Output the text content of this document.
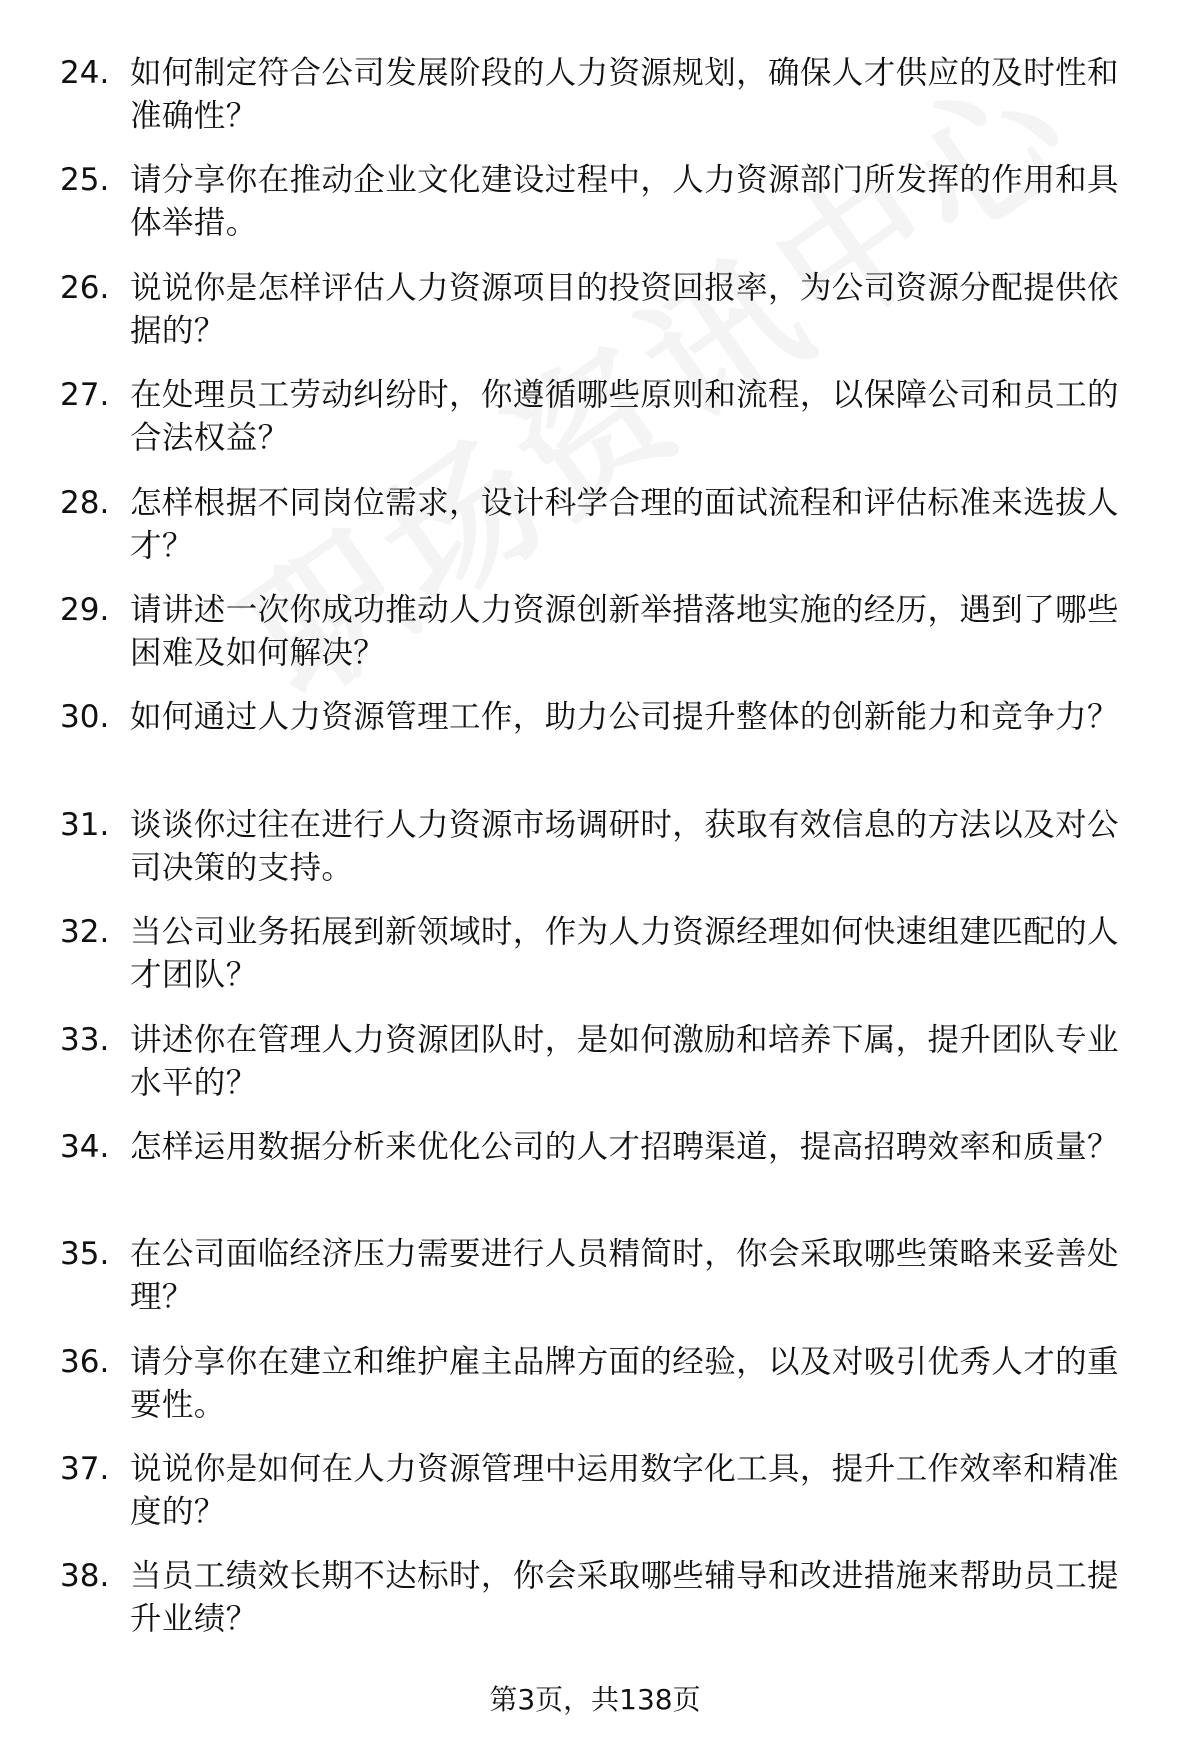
24. 如何制定符合公司发展阶段的人力资源规划，确保人才供应的及时性和准确性？
25. 请分享你在推动企业文化建设过程中，人力资源部门所发挥的作用和具体举措。
26. 说说你是怎样评估人力资源项目的投资回报率，为公司资源分配提供依据的？
27. 在处理员工劳动纠纷时，你遵循哪些原则和流程，以保障公司和员工的合法权益？
28. 怎样根据不同岗位需求，设计科学合理的面试流程和评估标准来选拔人才？
29. 请讲述一次你成功推动人力资源创新举措落地实施的经历，遇到了哪些困难及如何解决？
30. 如何通过人力资源管理工作，助力公司提升整体的创新能力和竞争力？
31. 谈谈你过往在进行人力资源市场调研时，获取有效信息的方法以及对公司决策的支持。
32. 当公司业务拓展到新领域时，作为人力资源经理如何快速组建匹配的人才团队？
33. 讲述你在管理人力资源团队时，是如何激励和培养下属，提升团队专业水平的？
34. 怎样运用数据分析来优化公司的人才招聘渠道，提高招聘效率和质量？
35. 在公司面临经济压力需要进行人员精简时，你会采取哪些策略来妥善处理？
36. 请分享你在建立和维护雇主品牌方面的经验，以及对吸引优秀人才的重要性。
37. 说说你是如何在人力资源管理中运用数字化工具，提升工作效率和精准度的？
38. 当员工绩效长期不达标时，你会采取哪些辅导和改进措施来帮助员工提升业绩？
第3页，共138页
